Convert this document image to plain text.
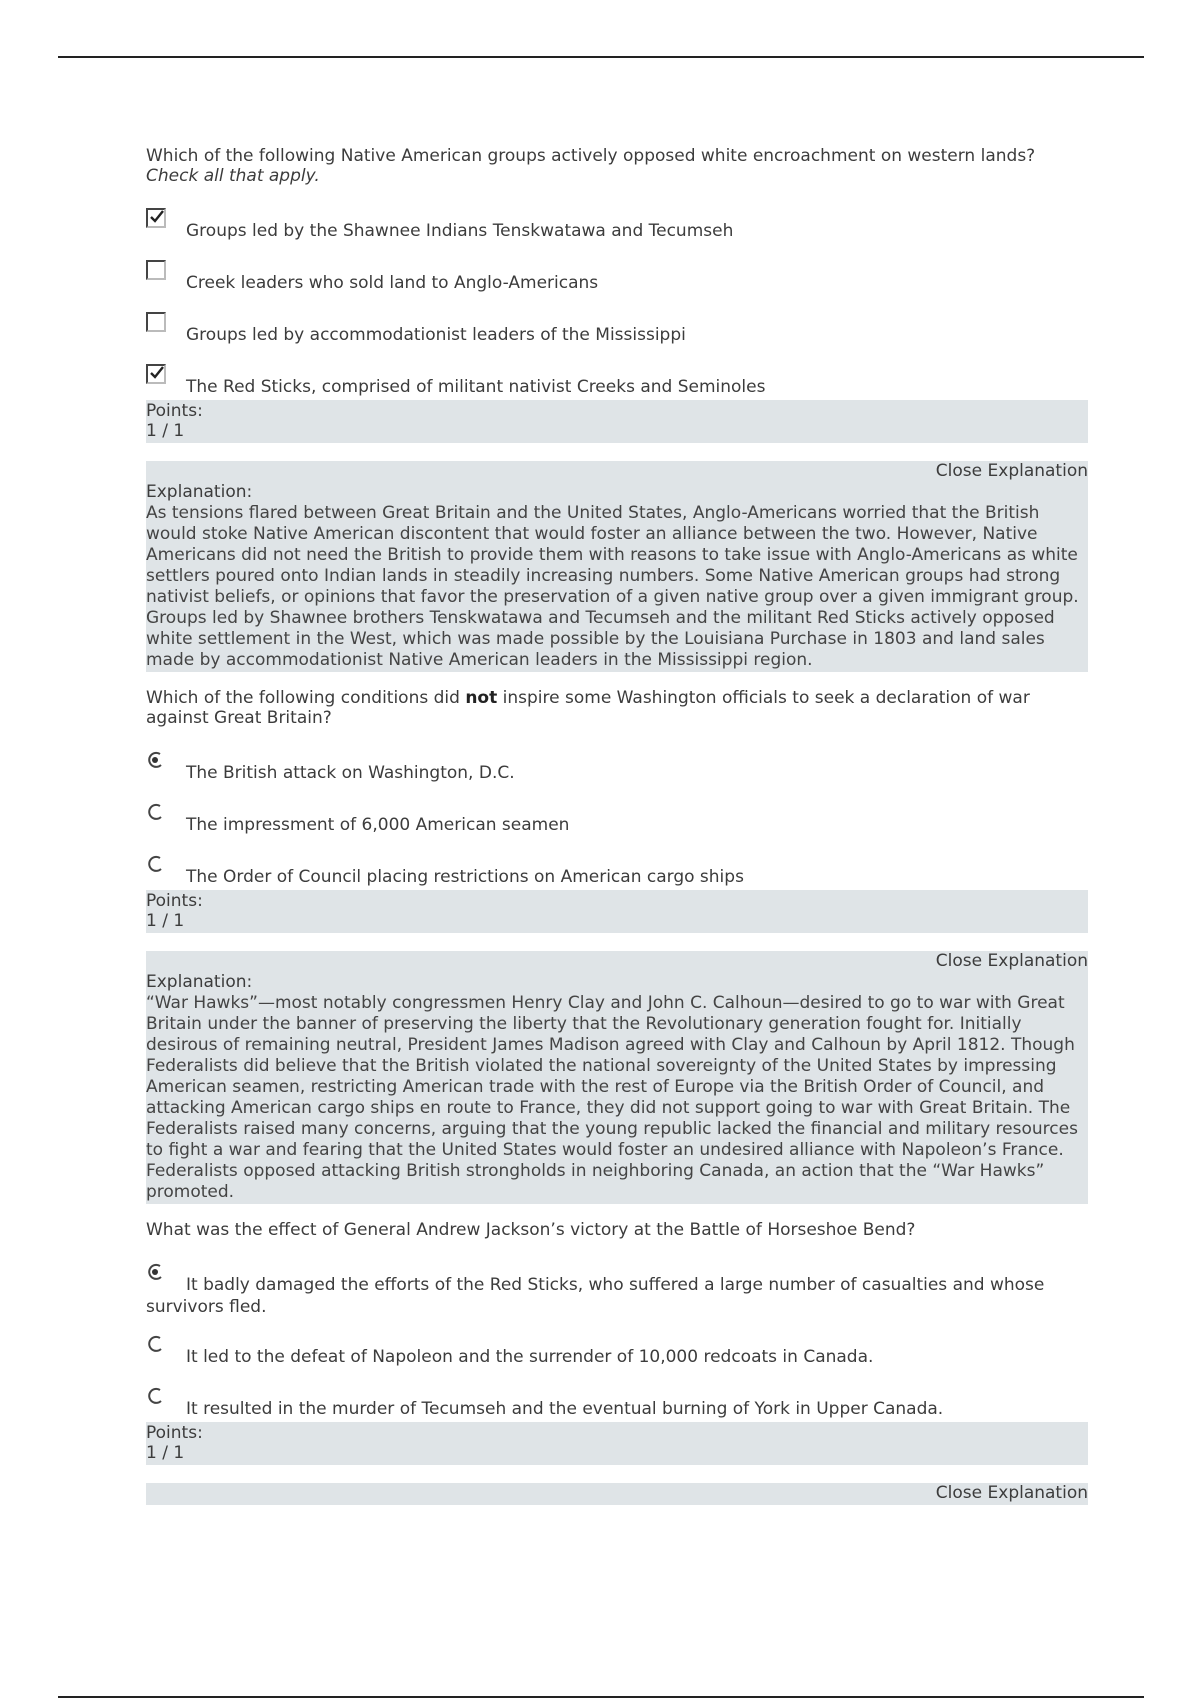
Which of the following Native American groups actively opposed white encroachment on western lands? Check all that apply.
Groups led by the Shawnee Indians Tenskwatawa and Tecumseh
Creek leaders who sold land to Anglo-Americans
Groups led by accommodationist leaders of the Mississippi
The Red Sticks, comprised of militant nativist Creeks and Seminoles
Points:
1 / 1
Close Explanation
Explanation:
As tensions flared between Great Britain and the United States, Anglo-Americans worried that the British would stoke Native American discontent that would foster an alliance between the two. However, Native Americans did not need the British to provide them with reasons to take issue with Anglo-Americans as white settlers poured onto Indian lands in steadily increasing numbers. Some Native American groups had strong nativist beliefs, or opinions that favor the preservation of a given native group over a given immigrant group. Groups led by Shawnee brothers Tenskwatawa and Tecumseh and the militant Red Sticks actively opposed white settlement in the West, which was made possible by the Louisiana Purchase in 1803 and land sales made by accommodationist Native American leaders in the Mississippi region.
Which of the following conditions did not inspire some Washington officials to seek a declaration of war against Great Britain?
The British attack on Washington, D.C.
The impressment of 6,000 American seamen
The Order of Council placing restrictions on American cargo ships
Points:
1 / 1
Close Explanation
Explanation:
“War Hawks”—most notably congressmen Henry Clay and John C. Calhoun—desired to go to war with Great Britain under the banner of preserving the liberty that the Revolutionary generation fought for. Initially desirous of remaining neutral, President James Madison agreed with Clay and Calhoun by April 1812. Though Federalists did believe that the British violated the national sovereignty of the United States by impressing American seamen, restricting American trade with the rest of Europe via the British Order of Council, and attacking American cargo ships en route to France, they did not support going to war with Great Britain. The Federalists raised many concerns, arguing that the young republic lacked the financial and military resources to fight a war and fearing that the United States would foster an undesired alliance with Napoleon’s France. Federalists opposed attacking British strongholds in neighboring Canada, an action that the “War Hawks” promoted.
What was the effect of General Andrew Jackson’s victory at the Battle of Horseshoe Bend?
It badly damaged the efforts of the Red Sticks, who suffered a large number of casualties and whose survivors fled.
It led to the defeat of Napoleon and the surrender of 10,000 redcoats in Canada.
It resulted in the murder of Tecumseh and the eventual burning of York in Upper Canada.
Points:
1 / 1
Close Explanation
